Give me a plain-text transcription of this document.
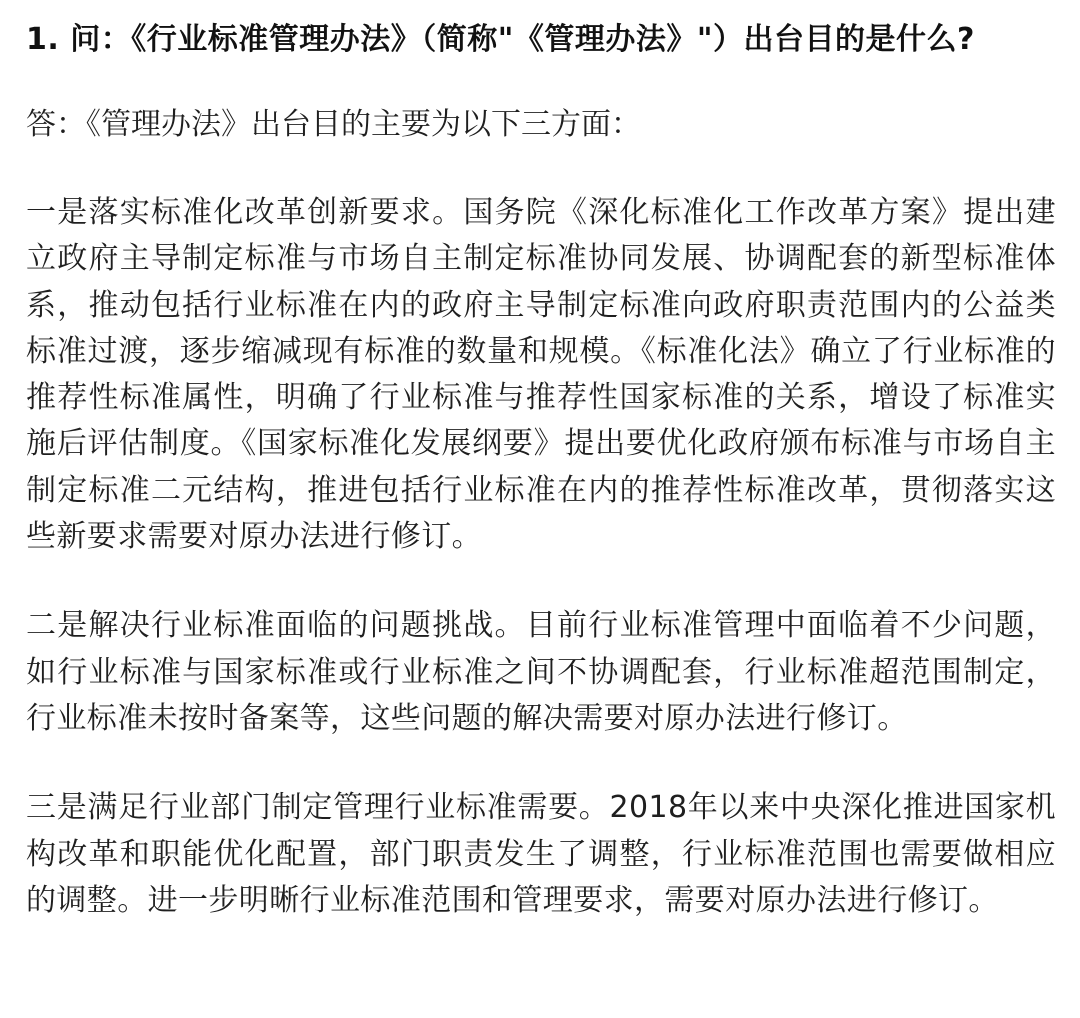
1. 问：《行业标准管理办法》（简称"《管理办法》"）出台目的是什么?
答：《管理办法》出台目的主要为以下三方面：

一是落实标准化改革创新要求。国务院《深化标准化工作改革方案》提出建立政府主导制定标准与市场自主制定标准协同发展、协调配套的新型标准体系，推动包括行业标准在内的政府主导制定标准向政府职责范围内的公益类标准过渡，逐步缩减现有标准的数量和规模。《标准化法》确立了行业标准的推荐性标准属性，明确了行业标准与推荐性国家标准的关系，增设了标准实施后评估制度。《国家标准化发展纲要》提出要优化政府颁布标准与市场自主制定标准二元结构，推进包括行业标准在内的推荐性标准改革，贯彻落实这些新要求需要对原办法进行修订。

二是解决行业标准面临的问题挑战。目前行业标准管理中面临着不少问题，如行业标准与国家标准或行业标准之间不协调配套，行业标准超范围制定，行业标准未按时备案等，这些问题的解决需要对原办法进行修订。

三是满足行业部门制定管理行业标准需要。2018年以来中央深化推进国家机构改革和职能优化配置，部门职责发生了调整，行业标准范围也需要做相应的调整。进一步明晰行业标准范围和管理要求，需要对原办法进行修订。
